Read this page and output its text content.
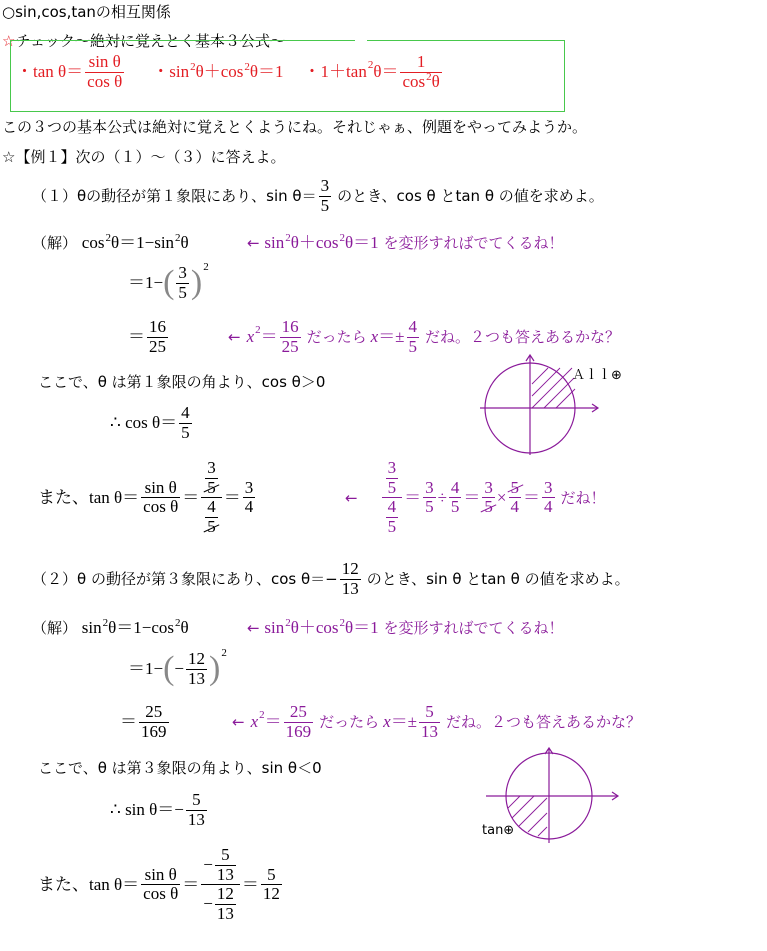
○sin,cos,tanの相互関係
☆チェック〜絶対に覚えとく基本３公式〜
・ $\tan \theta= \frac{\text{sin θ}}{\text{cos θ}}$ ・ $\sin^2\theta+\cos^2\theta=1$ ・ 1＋tan 2 $\theta= \frac{1}{\cos^2\theta}$
この３つの基本公式は絶対に覚えとくようにね。それじゃぁ、例題をやってみようか。
☆【例１】次の（１）〜（３）に答えよ。
（１）θの動径が第１象限にあり、$\sin \theta= \frac{3}{5}$ のとき、cos θ とtan θ の値を求めよ。
（解） $\cos^2\theta=1-\sin^2\theta$	← $\sin^2\theta+\cos^2\theta=1$ を変形すればでてくるね！
＝1− ( $\frac{3}{5}$ ) 2
＝ $\frac{16}{25}$	← x $2 = \frac{16}{25}$ だったら $x =\pm \frac{4}{5}$ だね。２つも答えあるかな？
ここで、θ は第１象限の角より、cos θ＞0
∴ $\cos \theta= \frac{4}{5}$
Ａｌｌ⊕
また、$\tan \theta= \frac{\text{sin θ}}{\text{cos θ}} = \frac{\frac{3}{5}}{\frac{4}{5}} = \frac{3}{4}$	← $\frac{\frac{3}{5}}{\frac{4}{5}} = \frac{3}{5} \div \frac{4}{5} = \frac{3}{5} \times \frac{5}{4} = \frac{3}{4}$ だね！
（２）θ の動径が第３象限にあり、$\cos \theta=- \frac{12}{13}$ のとき、sin θ とtan θ の値を求めよ。
（解） $\sin^2\theta=1-\cos^2\theta$	← $\sin^2\theta+\cos^2\theta=1$ を変形すればでてくるね！
＝1− ( − $\frac{12}{13}$ ) 2
＝ $\frac{25}{169}$	← x $2 = \frac{25}{169}$ だったら $x =\pm \frac{5}{13}$ だね。２つも答えあるかな？
ここで、θ は第３象限の角より、sin θ＜0
∴ $\sin \theta=- \frac{5}{13}$
tan⊕
また、$\tan \theta= \frac{\text{sin θ}}{\text{cos θ}} = \frac{- \frac{5}{13}}{- \frac{12}{13}} = \frac{5}{12}$
